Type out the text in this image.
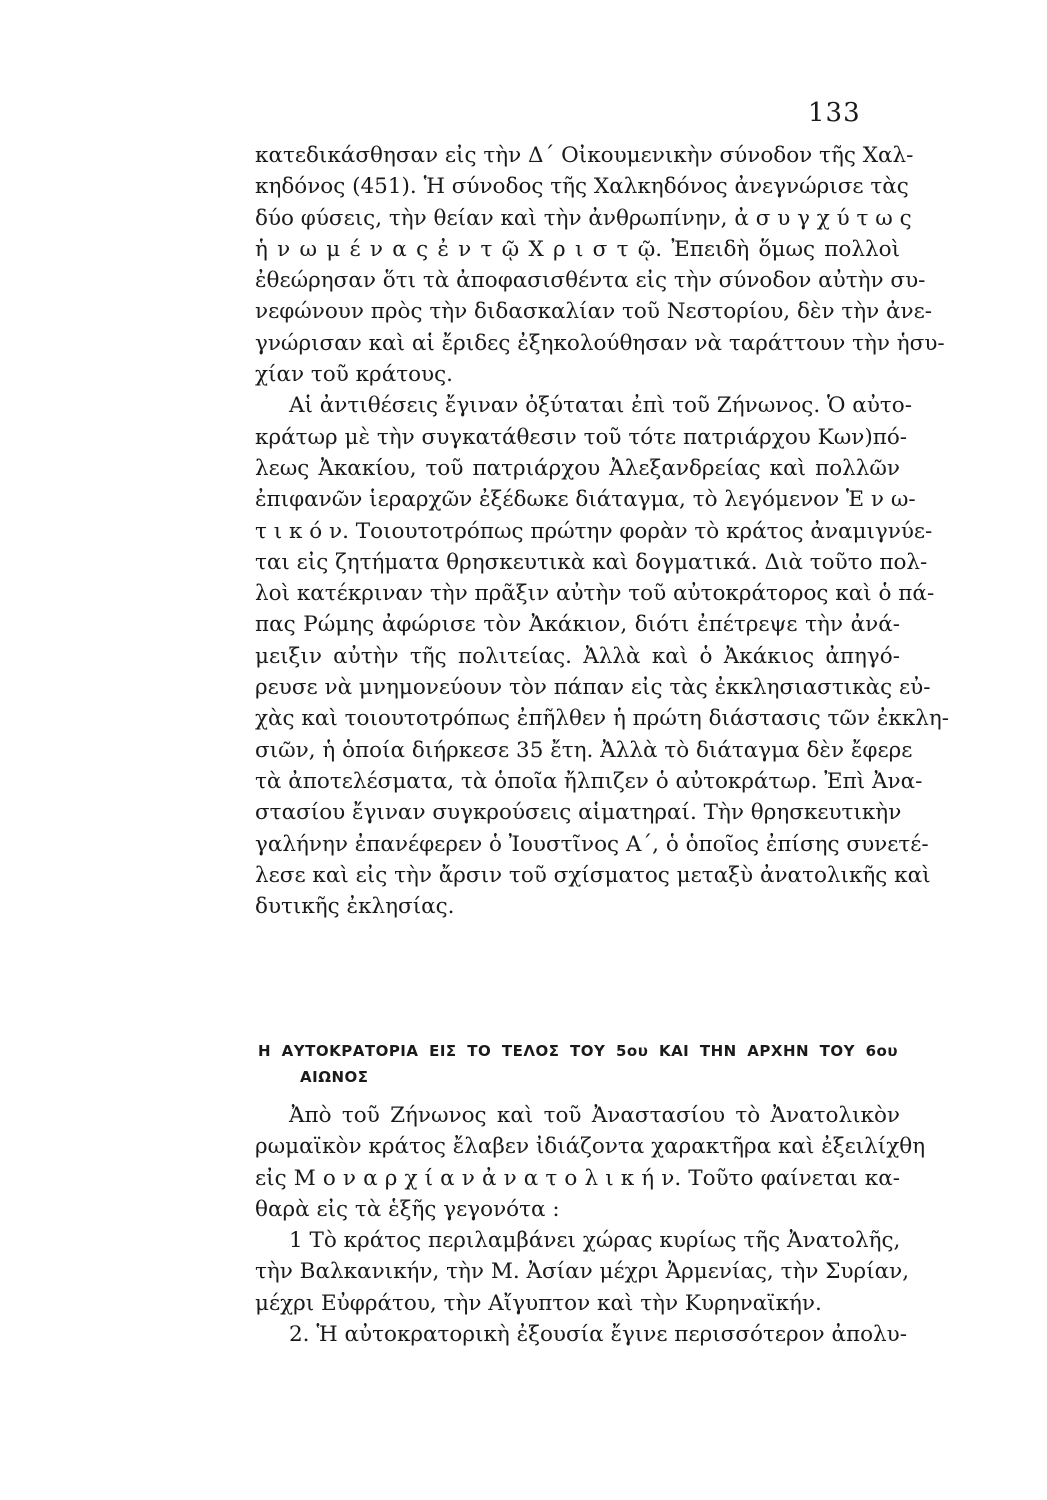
133
κατεδικάσθησαν εἰς τὴν Δ΄ Οἰκουμενικὴν σύνοδον τῆς Χαλ-
κηδόνος (451). Ἡ σύνοδος τῆς Χαλκηδόνος ἀνεγνώρισε τὰς
δύο φύσεις, τὴν θείαν καὶ τὴν ἀνθρωπίνην, ἀ σ υ γ χ ύ τ ω ς
ἡ ν ω μ έ ν α ς ἐ ν τ ῷ Χ ρ ι σ τ ῷ. Ἐπειδὴ ὅμως πολλοὶ
ἐθεώρησαν ὅτι τὰ ἀποφασισθέντα εἰς τὴν σύνοδον αὐτὴν συ-
νεφώνουν πρὸς τὴν διδασκαλίαν τοῦ Νεστορίου, δὲν τὴν ἀνε-
γνώρισαν καὶ αἱ ἔριδες ἐξηκολούθησαν νὰ ταράττουν τὴν ἡσυ-
χίαν τοῦ κράτους.
Αἱ ἀντιθέσεις ἔγιναν ὀξύταται ἐπὶ τοῦ Ζήνωνος. Ὁ αὐτο-
κράτωρ μὲ τὴν συγκατάθεσιν τοῦ τότε πατριάρχου Κων)πό-
λεως Ἀκακίου, τοῦ πατριάρχου Ἀλεξανδρείας καὶ πολλῶν
ἐπιφανῶν ἱεραρχῶν ἐξέδωκε διάταγμα, τὸ λεγόμενον Ἑ ν ω-
τ ι κ ό ν. Τοιουτοτρόπως πρώτην φορὰν τὸ κράτος ἀναμιγνύε-
ται εἰς ζητήματα θρησκευτικὰ καὶ δογματικά. Διὰ τοῦτο πολ-
λοὶ κατέκριναν τὴν πρᾶξιν αὐτὴν τοῦ αὐτοκράτορος καὶ ὁ πά-
πας Ρώμης ἀφώρισε τὸν Ἀκάκιον, διότι ἐπέτρεψε τὴν ἀνά-
μειξιν αὐτὴν τῆς πολιτείας. Ἀλλὰ καὶ ὁ Ἀκάκιος ἀπηγό-
ρευσε νὰ μνημονεύουν τὸν πάπαν εἰς τὰς ἐκκλησιαστικὰς εὐ-
χὰς καὶ τοιουτοτρόπως ἐπῆλθεν ἡ πρώτη διάστασις τῶν ἐκκλη-
σιῶν, ἡ ὁποία διήρκεσε 35 ἔτη. Ἀλλὰ τὸ διάταγμα δὲν ἔφερε
τὰ ἀποτελέσματα, τὰ ὁποῖα ἤλπιζεν ὁ αὐτοκράτωρ. Ἐπὶ Ἀνα-
στασίου ἔγιναν συγκρούσεις αἱματηραί. Τὴν θρησκευτικὴν
γαλήνην ἐπανέφερεν ὁ Ἰουστῖνος Α΄, ὁ ὁποῖος ἐπίσης συνετέ-
λεσε καὶ εἰς τὴν ἄρσιν τοῦ σχίσματος μεταξὺ ἀνατολικῆς καὶ
δυτικῆς ἐκλησίας.
Η ΑΥΤΟΚΡΑΤΟΡΙΑ ΕΙΣ ΤΟ ΤΕΛΟΣ ΤΟΥ 5ου ΚΑΙ ΤΗΝ ΑΡΧΗΝ ΤΟΥ 6ου
ΑΙΩΝΟΣ
Ἀπὸ τοῦ Ζήνωνος καὶ τοῦ Ἀναστασίου τὸ Ἀνατολικὸν
ρωμαϊκὸν κράτος ἔλαβεν ἰδιάζοντα χαρακτῆρα καὶ ἐξειλίχθη
εἰς Μ ο ν α ρ χ ί α ν ἀ ν α τ ο λ ι κ ή ν. Τοῦτο φαίνεται κα-
θαρὰ εἰς τὰ ἑξῆς γεγονότα :
1 Τὸ κράτος περιλαμβάνει χώρας κυρίως τῆς Ἀνατολῆς,
τὴν Βαλκανικήν, τὴν Μ. Ἀσίαν μέχρι Ἀρμενίας, τὴν Συρίαν,
μέχρι Εὐφράτου, τὴν Αἴγυπτον καὶ τὴν Κυρηναϊκήν.
2. Ἡ αὐτοκρατορικὴ ἐξουσία ἔγινε περισσότερον ἀπολυ-
